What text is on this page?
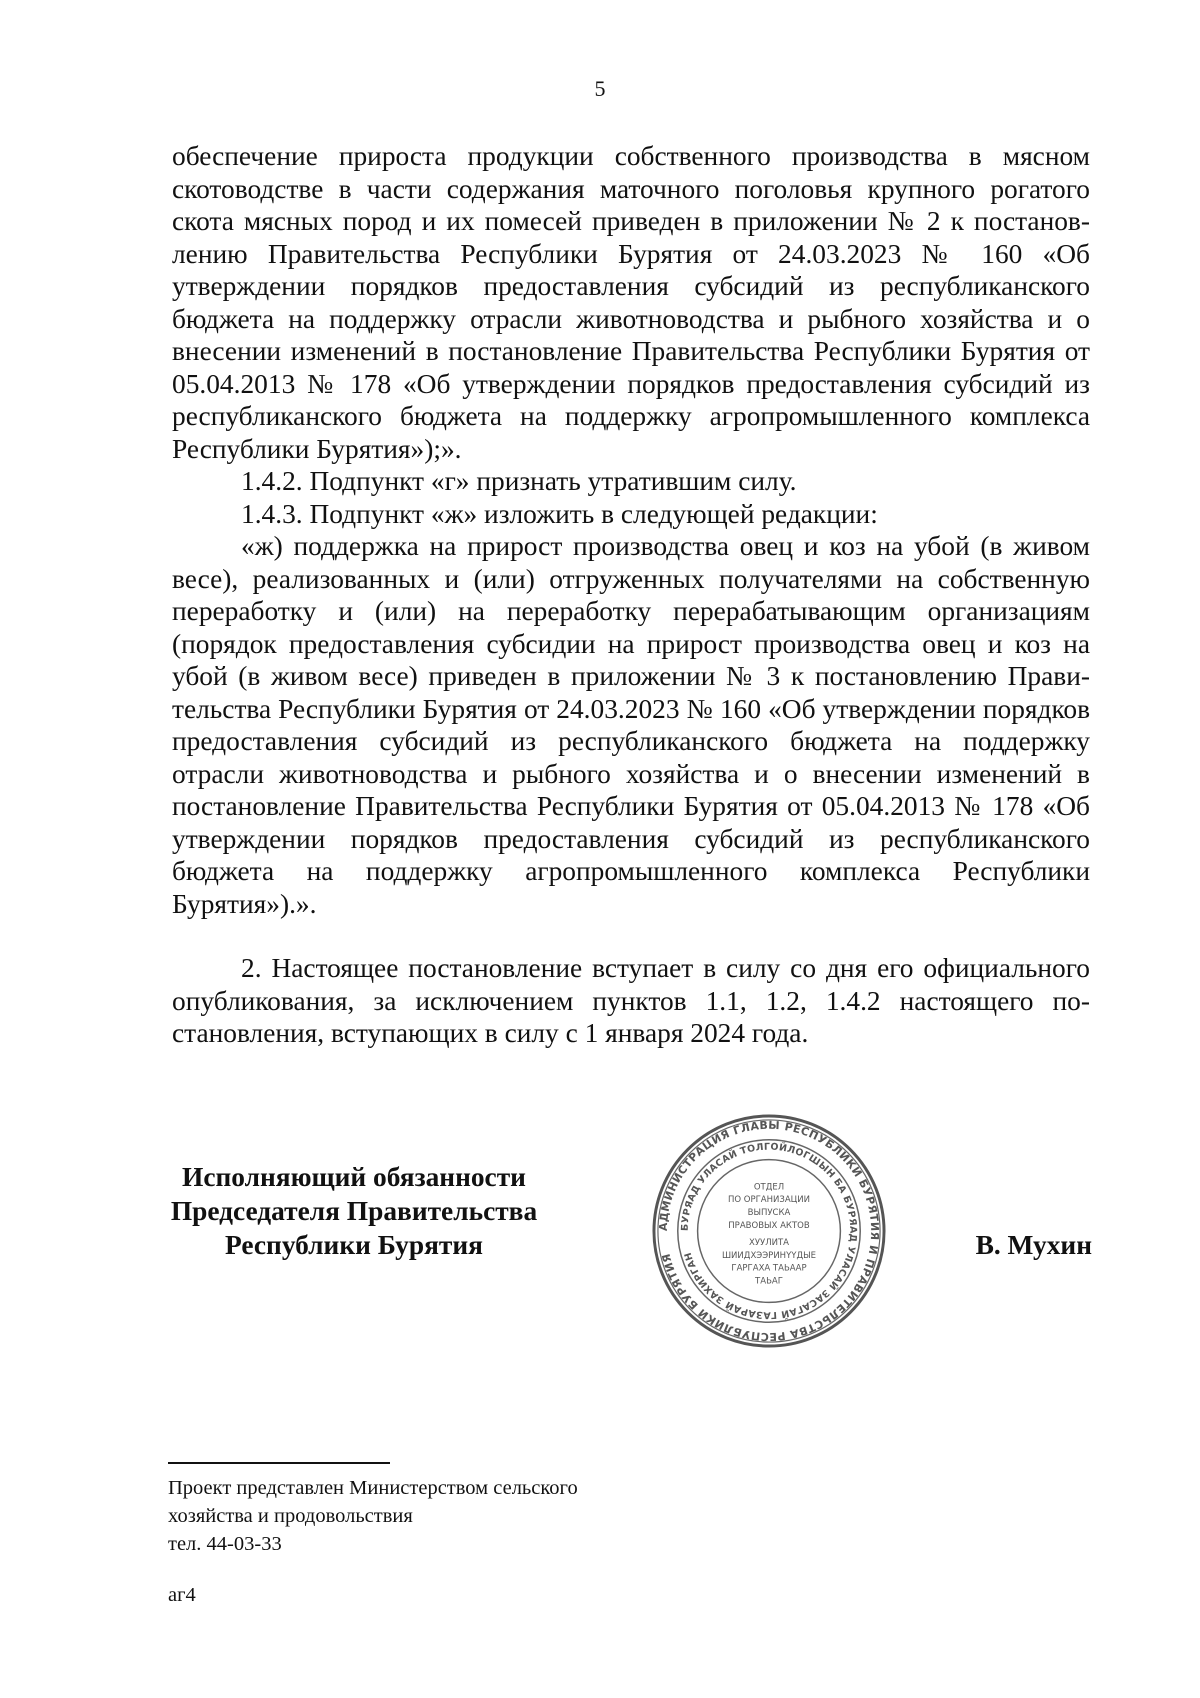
5

обеспечение прироста продукции собственного производства в мясном скотоводстве в части содержания маточного поголовья крупного рогатого скота мясных пород и их помесей приведен в приложении № 2 к постановлению Правительства Республики Бурятия от 24.03.2023 № 160 «Об утверждении порядков предоставления субсидий из республиканского бюджета на поддержку отрасли животноводства и рыбного хозяйства и о внесении изменений в постановление Правительства Республики Бурятия от 05.04.2013 № 178 «Об утверждении порядков предоставления субсидий из республиканского бюджета на поддержку агропромышленного комплекса Республики Бурятия»);».

1.4.2. Подпункт «г» признать утратившим силу.

1.4.3. Подпункт «ж» изложить в следующей редакции:

«ж) поддержка на прирост производства овец и коз на убой (в живом весе), реализованных и (или) отгруженных получателями на собственную переработку и (или) на переработку перерабатывающим организациям (порядок предоставления субсидии на прирост производства овец и коз на убой (в живом весе) приведен в приложении № 3 к постановлению Правительства Республики Бурятия от 24.03.2023 № 160 «Об утверждении порядков предоставления субсидий из республиканского бюджета на поддержку отрасли животноводства и рыбного хозяйства и о внесении изменений в постановление Правительства Республики Бурятия от 05.04.2013 № 178 «Об утверждении порядков предоставления субсидий из республиканского бюджета на поддержку агропромышленного комплекса Республики Бурятия»).».

2. Настоящее постановление вступает в силу со дня его официального опубликования, за исключением пунктов 1.1, 1.2, 1.4.2 настоящего постановления, вступающих в силу с 1 января 2024 года.

Исполняющий обязанности
Председателя Правительства
Республики Бурятия
АДМИНИСТРАЦИЯ ГЛАВЫ РЕСПУБЛИКИ БУРЯТИЯ И ПРАВИТЕЛЬСТВА РЕСПУБЛИКИ БУРЯТИЯ
БУРЯАД УЛАСАЙ ТОЛГОЙЛОГШЫН БА БУРЯАД УЛАСАЙ ЗАСАГАЙ ГАЗАРАЙ ЗАХИРГАН
ОТДЕЛ
ПО ОРГАНИЗАЦИИ
ВЫПУСКА
ПРАВОВЫХ АКТОВ
ХУУЛИТА
ШИИДХЭЭРИНҮҮДЫЕ
ГАРГАХА ТАЬААР
ТАЬАГ
В. Мухин
Проект представлен Министерством сельского
хозяйства и продовольствия
тел. 44-03-33
аг4
